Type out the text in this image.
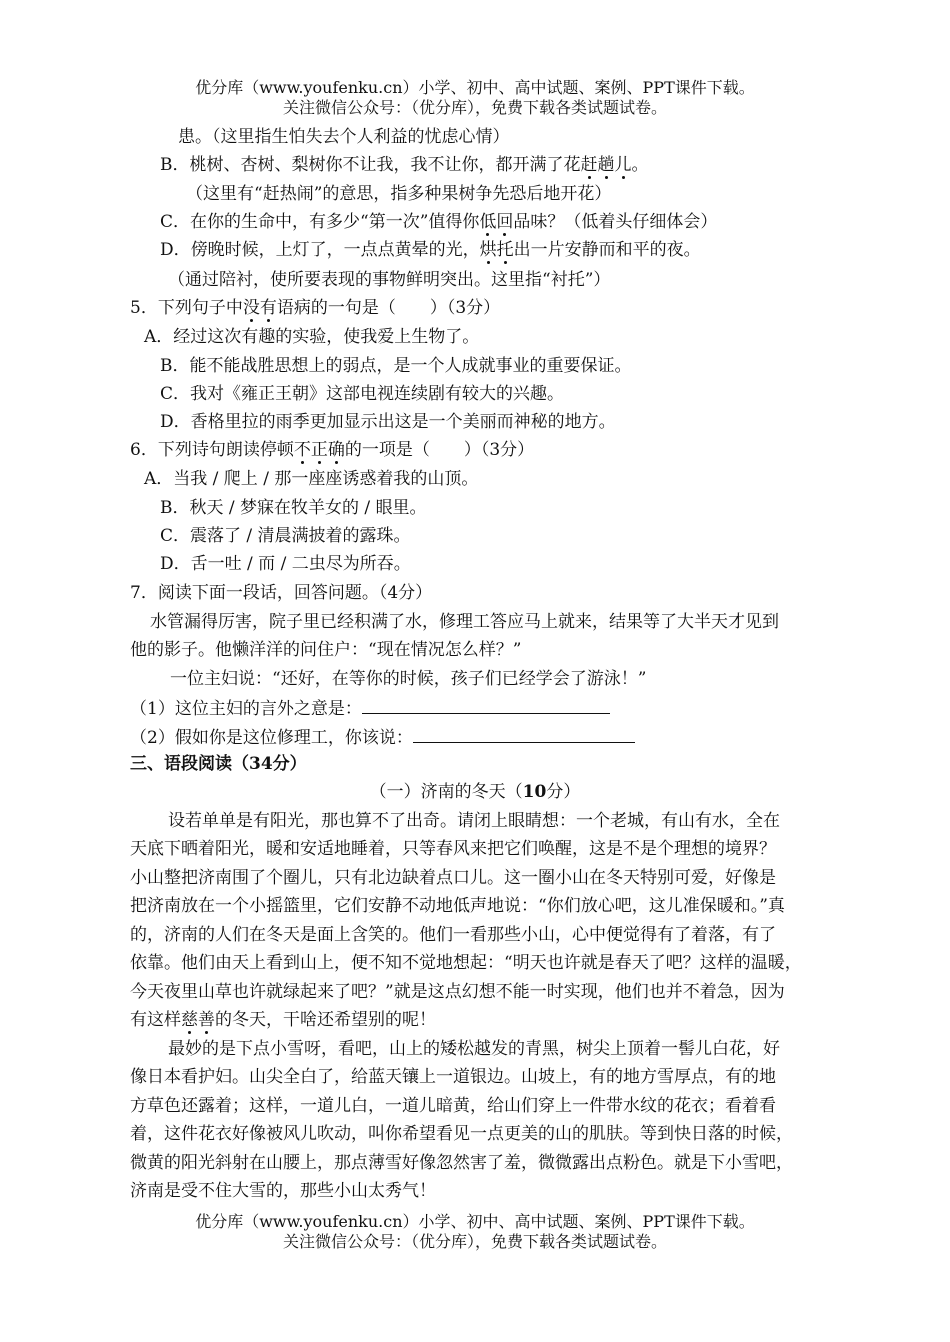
优分库（www.youfenku.cn）小学、初中、高中试题、案例、PPT课件下载。
关注微信公众号：（优分库），免费下载各类试题试卷。
患。（这里指生怕失去个人利益的忧虑心情）
B．桃树、杏树、梨树你不让我，我不让你，都开满了花赶趟儿
。
（这里有“赶热闹”的意思，指多种果树争先恐后地开花）
C．在你的生命中，有多少“第一次”值得你低回
品味？（低着头仔细体会）
D．傍晚时候，上灯了，一点点黄晕的光，烘托
出一片安静而和平的夜。
（通过陪衬，使所要表现的事物鲜明突出。这里指“衬托”）
5．下列句子中没有
语病的一句是（　　）（3分）
A．经过这次有趣的实验，使我爱上生物了。
B．能不能战胜思想上的弱点，是一个人成就事业的重要保证。
C．我对《雍正王朝》这部电视连续剧有较大的兴趣。
D．香格里拉的雨季更加显示出这是一个美丽而神秘的地方。
6．下列诗句朗读停顿不正确
的一项是（　　）（3分）
A．当我 / 爬上 / 那一座座诱惑着我的山顶。
B．秋天 / 梦寐在牧羊女的 / 眼里。
C．震落了 / 清晨满披着的露珠。
D．舌一吐 / 而 / 二虫尽为所吞。
7．阅读下面一段话，回答问题。（4分）
水管漏得厉害，院子里已经积满了水，修理工答应马上就来，结果等了大半天才见到
他的影子。他懒洋洋的问住户：“现在情况怎么样？”
一位主妇说：“还好，在等你的时候，孩子们已经学会了游泳！”
（1）这位主妇的言外之意是：
（2）假如你是这位修理工，你该说：
三、语段阅读（34分）
（一）济南的冬天（10分）
设若单单是有阳光，那也算不了出奇。请闭上眼睛想：一个老城，有山有水，全在
天底下晒着阳光，暖和安适地睡着，只等春风来把它们唤醒，这是不是个理想的境界？
小山整把济南围了个圈儿，只有北边缺着点口儿。这一圈小山在冬天特别可爱，好像是
把济南放在一个小摇篮里，它们安静不动地低声地说：“你们放心吧，这儿准保暖和。”真
的，济南的人们在冬天是面上含笑的。他们一看那些小山，心中便觉得有了着落，有了
依靠。他们由天上看到山上，便不知不觉地想起：“明天也许就是春天了吧？这样的温暖，
今天夜里山草也许就绿起来了吧？”就是这点幻想不能一时实现，他们也并不着急，因为
有这样慈善
的冬天，干啥还希望别的呢！
最妙的是下点小雪呀，看吧，山上的矮松越发的青黑，树尖上顶着一髻儿白花，好
像日本看护妇。山尖全白了，给蓝天镶上一道银边。山坡上，有的地方雪厚点，有的地
方草色还露着；这样，一道儿白，一道儿暗黄，给山们穿上一件带水纹的花衣；看着看
着，这件花衣好像被风儿吹动，叫你希望看见一点更美的山的肌肤。等到快日落的时候，
微黄的阳光斜射在山腰上，那点薄雪好像忽然害了羞，微微露出点粉色。就是下小雪吧，
济南是受不住大雪的，那些小山太秀气！
优分库（www.youfenku.cn）小学、初中、高中试题、案例、PPT课件下载。
关注微信公众号：（优分库），免费下载各类试题试卷。
